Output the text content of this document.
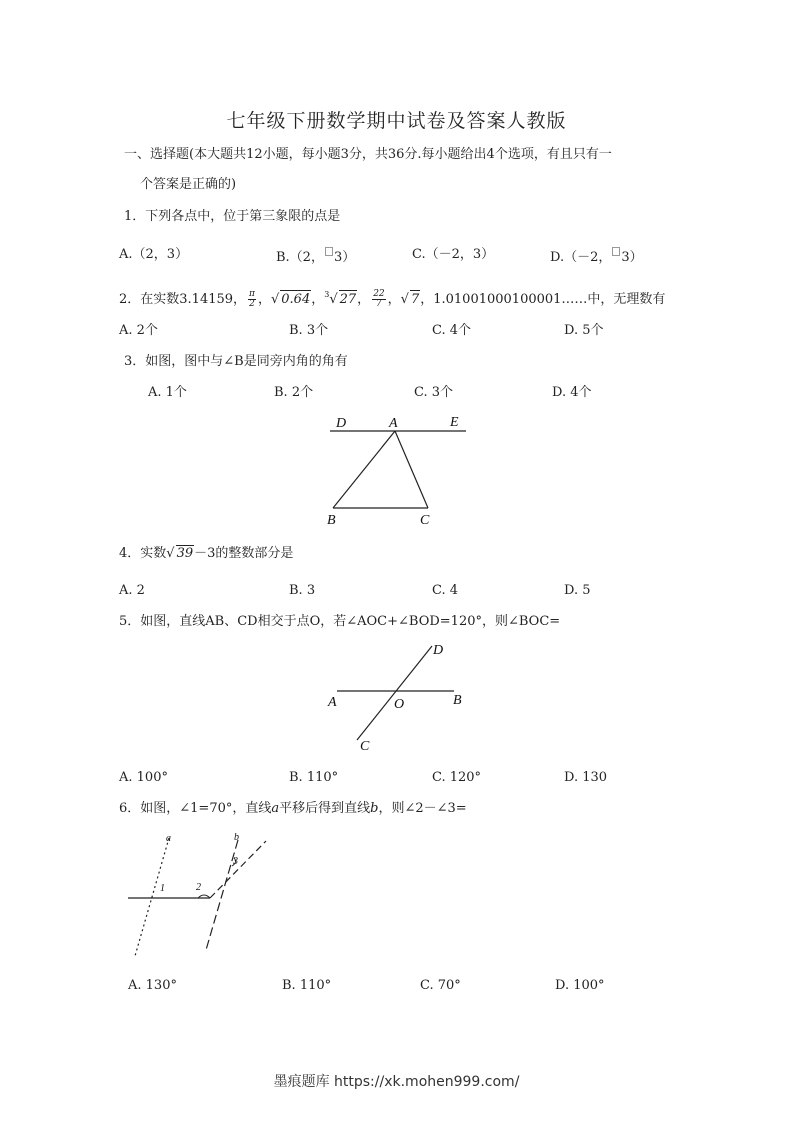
七年级下册数学期中试卷及答案人教版
一、选择题(本大题共12小题，每小题3分，共36分.每小题给出4个选项，有且只有一
个答案是正确的)
1．下列各点中，位于第三象限的点是
A.（2，3）	B.（2， 3）	C.（－2，3）	D.（－2， 3）
2．在实数3.14159， $\frac{\pi}{2}$ ，√ 0.64，$^3$√ 27， $\frac{22}{7}$ ，√ 7，1.01001000100001……中，无理数有
A. 2个	B. 3个	C. 4个	D. 5个
3．如图，图中与∠B是同旁内角的角有
A. 1个	B. 2个	C. 3个	D. 4个
D	A	E
B	C
4．实数√ 39－3的整数部分是
A. 2	B. 3	C. 4	D. 5
5．如图，直线AB、CD相交于点O，若∠AOC+∠BOD=120°，则∠BOC=
D
A	O	B
C
A. 100°	B. 110°	C. 120°	D. 130
6．如图，∠1=70°，直线a平移后得到直线b，则∠2－∠3=
a	b
1	2
3
A. 130°	B. 110°	C. 70°	D. 100°
墨痕题库 https://xk.mohen999.com/
